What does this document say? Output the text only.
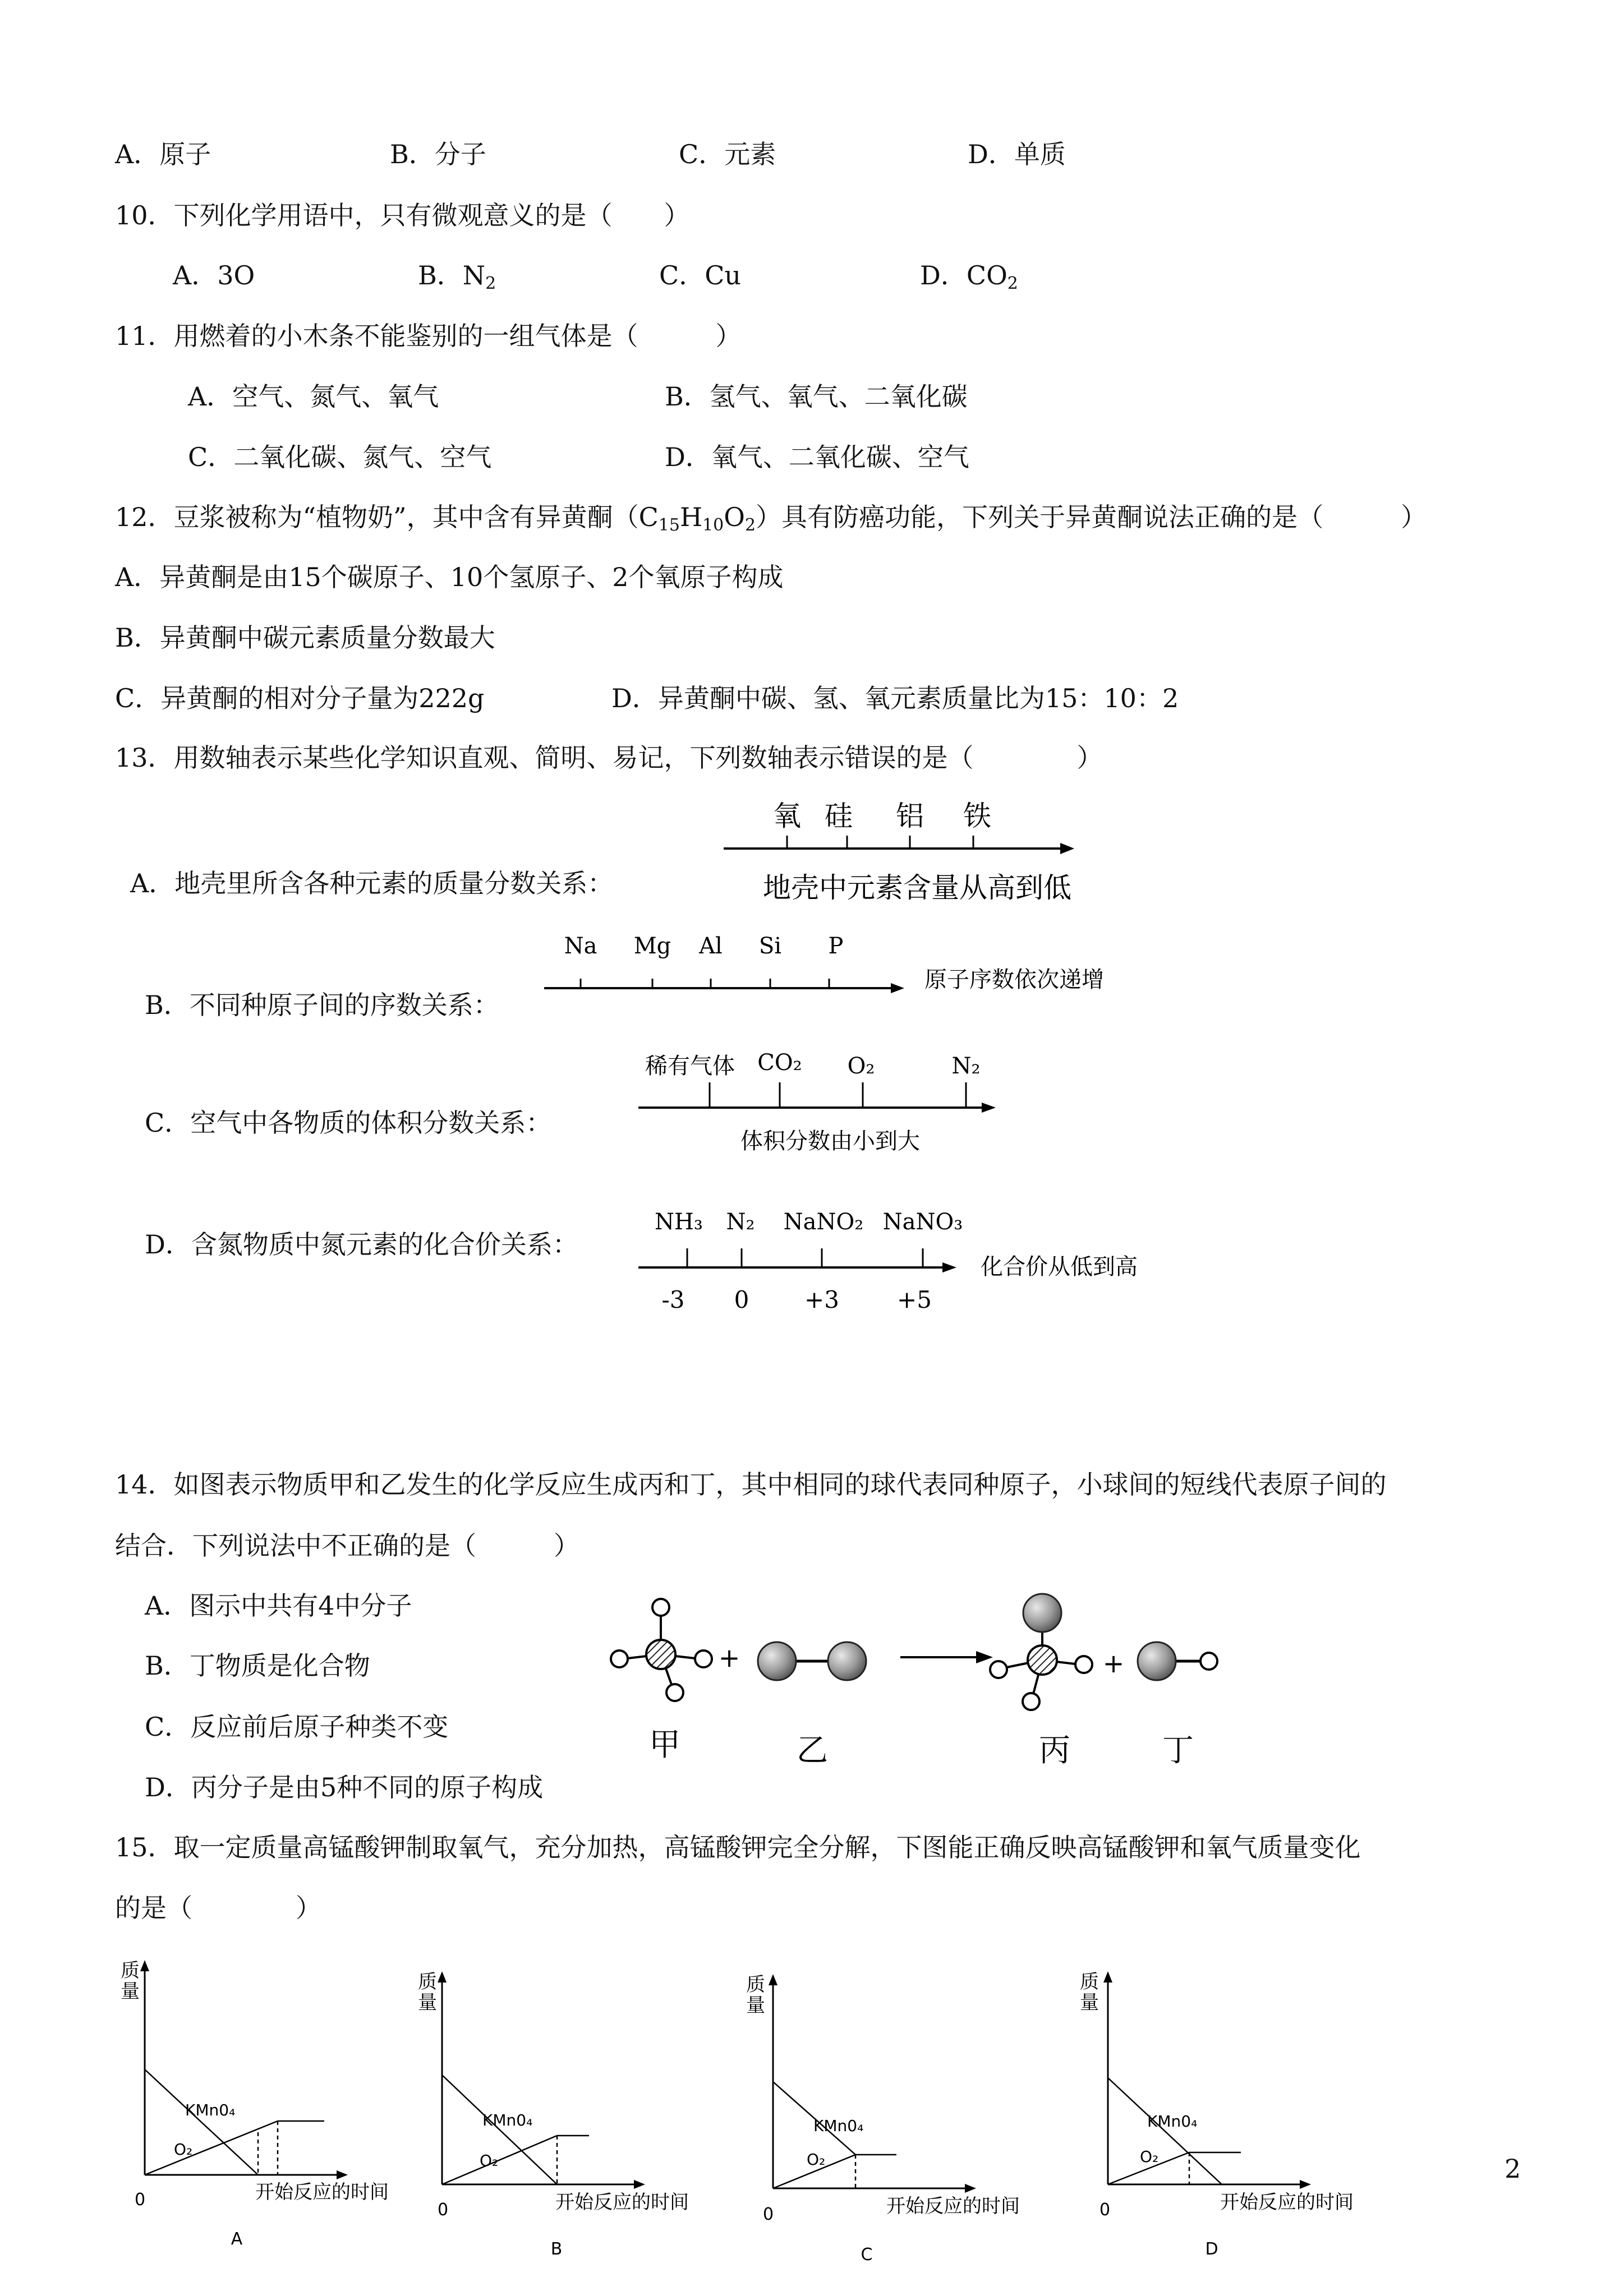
A．原子	B．分子	C．元素	D．单质
10．下列化学用语中，只有微观意义的是（　　）
A．3O	B．$N_2$	C．Cu	D．$CO_2$
11．用燃着的小木条不能鉴别的一组气体是（　　　）
A．空气、氮气、氧气	B．氢气、氧气、二氧化碳
C．二氧化碳、氮气、空气	D．氧气、二氧化碳、空气
12．豆浆被称为“植物奶”，其中含有异黄酮$(C_{15}H_{10}O_2)$具有防癌功能，下列关于异黄酮说法正确的是（　　　）
A．异黄酮是由15个碳原子、10个氢原子、2个氧原子构成
B．异黄酮中碳元素质量分数最大
C．异黄酮的相对分子量为222g	D．异黄酮中碳、氢、氧元素质量比为15：10：2
13．用数轴表示某些化学知识直观、简明、易记，下列数轴表示错误的是（　　　　）
A．地壳里所含各种元素的质量分数关系：
氧 硅 铝 铁
地壳中元素含量从高到低
B．不同种原子间的序数关系：
Na Mg Al Si P
原子序数依次递增
C．空气中各物质的体积分数关系：
稀有气体 CO₂ O₂	N₂
体积分数由小到大
D．含氮物质中氮元素的化合价关系：
NH₃ N₂ NaNO₂ NaNO₃
-3 0 +3 +5
化合价从低到高
14．如图表示物质甲和乙发生的化学反应生成丙和丁，其中相同的球代表同种原子，小球间的短线代表原子间的
结合．下列说法中不正确的是（　　　）
A．图示中共有4中分子
B．丁物质是化合物
C．反应前后原子种类不变
D．丙分子是由5种不同的原子构成
+	+
甲	乙	丙	丁
15．取一定质量高锰酸钾制取氧气，充分加热，高锰酸钾完全分解，下图能正确反映高锰酸钾和氧气质量变化
的是（　　　　）
质
量
KMn0₄
O₂
开始反应的时间
0
A
质
量
KMn0₄
O₂
开始反应的时间
0
B
质
量
KMn0₄
O₂
开始反应的时间
0
C
质
量
KMn0₄
O₂
开始反应的时间
0
D
2
